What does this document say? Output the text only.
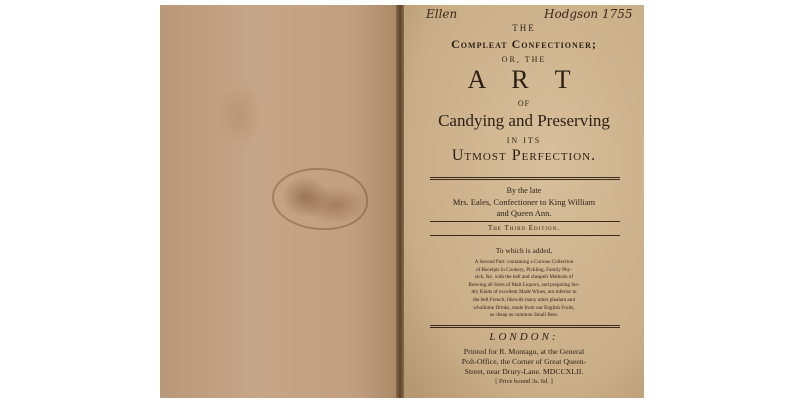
Ellen	Hodgson 1755
THE
Compleat Confectioner;
OR, THE
A R T
OF
Candying and Preserving
IN ITS
Utmoſt Perfection.
By the late
Mrs. Eales, Confectioner to King William
and Queen Ann.
The Third Edition.
To which is added,
A Second Part: containing a Curious Collection
of Receipts in Cookery, Pickling, Family Phy-
sick, &c. with the beſt and cheapeſt Methods of
Brewing all Sorts of Malt Liquors, and preparing ſun-
dry Kinds of excellent Made Wines, not inferior to
the beſt French; likewiſe many other pleaſant and
wholſome Drinks, made from our English Fruits,
as cheap as common Small Beer.
LONDON:
Printed for R. Montagu, at the General
Poſt-Office, the Corner of Great Queen-
Street, near Drury-Lane. MDCCXLII.
[ Price bound 3s. 6d. ]
